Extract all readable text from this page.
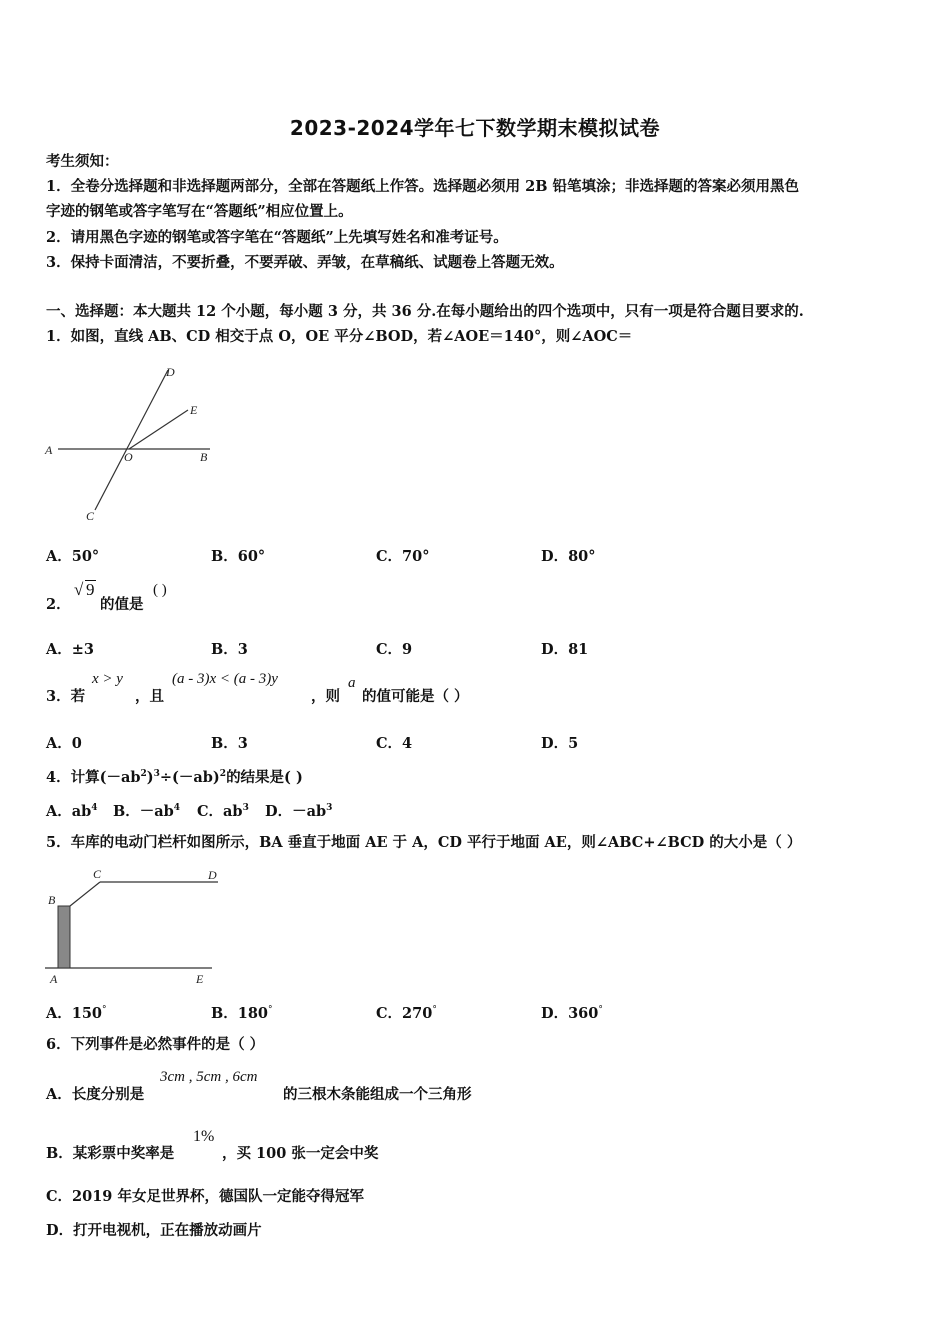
2023-2024学年七下数学期末模拟试卷
考生须知：
1．全卷分选择题和非选择题两部分，全部在答题纸上作答。选择题必须用 2B 铅笔填涂；非选择题的答案必须用黑色
字迹的钢笔或答字笔写在“答题纸”相应位置上。
2．请用黑色字迹的钢笔或答字笔在“答题纸”上先填写姓名和准考证号。
3．保持卡面清洁，不要折叠，不要弄破、弄皱，在草稿纸、试题卷上答题无效。
一、选择题：本大题共 12 个小题，每小题 3 分，共 36 分.在每小题给出的四个选项中，只有一项是符合题目要求的.
1．如图，直线 AB、CD 相交于点 O，OE 平分∠BOD，若∠AOE＝140°，则∠AOC＝
D
E
A	O	B
C
A．50°	B．60°	C．70°	D．80°
2．
√ 9
的值是
( )
A．±3	B．3	C．9	D．81
3．若
x > y
，且
(a - 3)x < (a - 3)y
，则
a
的值可能是（ ）
A．0	B．3	C．4	D．5
4．计算$(-ab^2)^3\div(-ab)^2$的结果是( )
A．$ab^4$ B．$-ab^4$ C．$ab^3$ D．$-ab^3$
5．车库的电动门栏杆如图所示，BA 垂直于地面 AE 于 A，CD 平行于地面 AE，则∠ABC+∠BCD 的大小是（ ）
B
C	D
A	E
A．150°	B．180°	C．270°	D．360°
6．下列事件是必然事件的是（ ）
A．长度分别是
3cm , 5cm , 6cm
的三根木条能组成一个三角形
B．某彩票中奖率是
1%
，买 100 张一定会中奖
C．2019 年女足世界杯，德国队一定能夺得冠军
D．打开电视机，正在播放动画片
